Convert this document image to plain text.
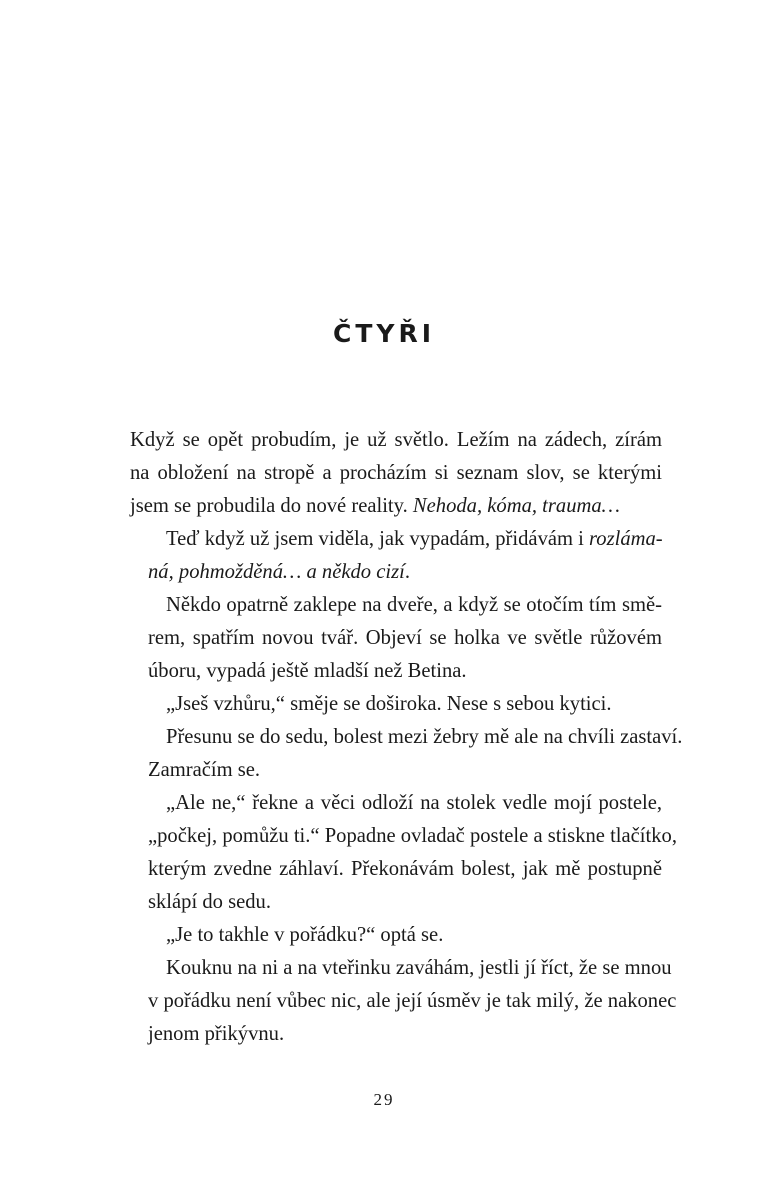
ČTYŘI
Když se opět probudím, je už světlo. Ležím na zádech, zírám
na obložení na stropě a procházím si seznam slov, se kterými
jsem se probudila do nové reality. Nehoda, kóma, trauma…
Teď když už jsem viděla, jak vypadám, přidávám i rozláma-
ná, pohmožděná… a někdo cizí.
Někdo opatrně zaklepe na dveře, a když se otočím tím smě-
rem, spatřím novou tvář. Objeví se holka ve světle růžovém
úboru, vypadá ještě mladší než Betina.
„Jseš vzhůru,“ směje se doširoka. Nese s sebou kytici.
Přesunu se do sedu, bolest mezi žebry mě ale na chvíli zastaví.
Zamračím se.
„Ale ne,“ řekne a věci odloží na stolek vedle mojí postele,
„počkej, pomůžu ti.“ Popadne ovladač postele a stiskne tlačítko,
kterým zvedne záhlaví. Překonávám bolest, jak mě postupně
sklápí do sedu.
„Je to takhle v pořádku?“ optá se.
Kouknu na ni a na vteřinku zaváhám, jestli jí říct, že se mnou
v pořádku není vůbec nic, ale její úsměv je tak milý, že nakonec
jenom přikývnu.
29
